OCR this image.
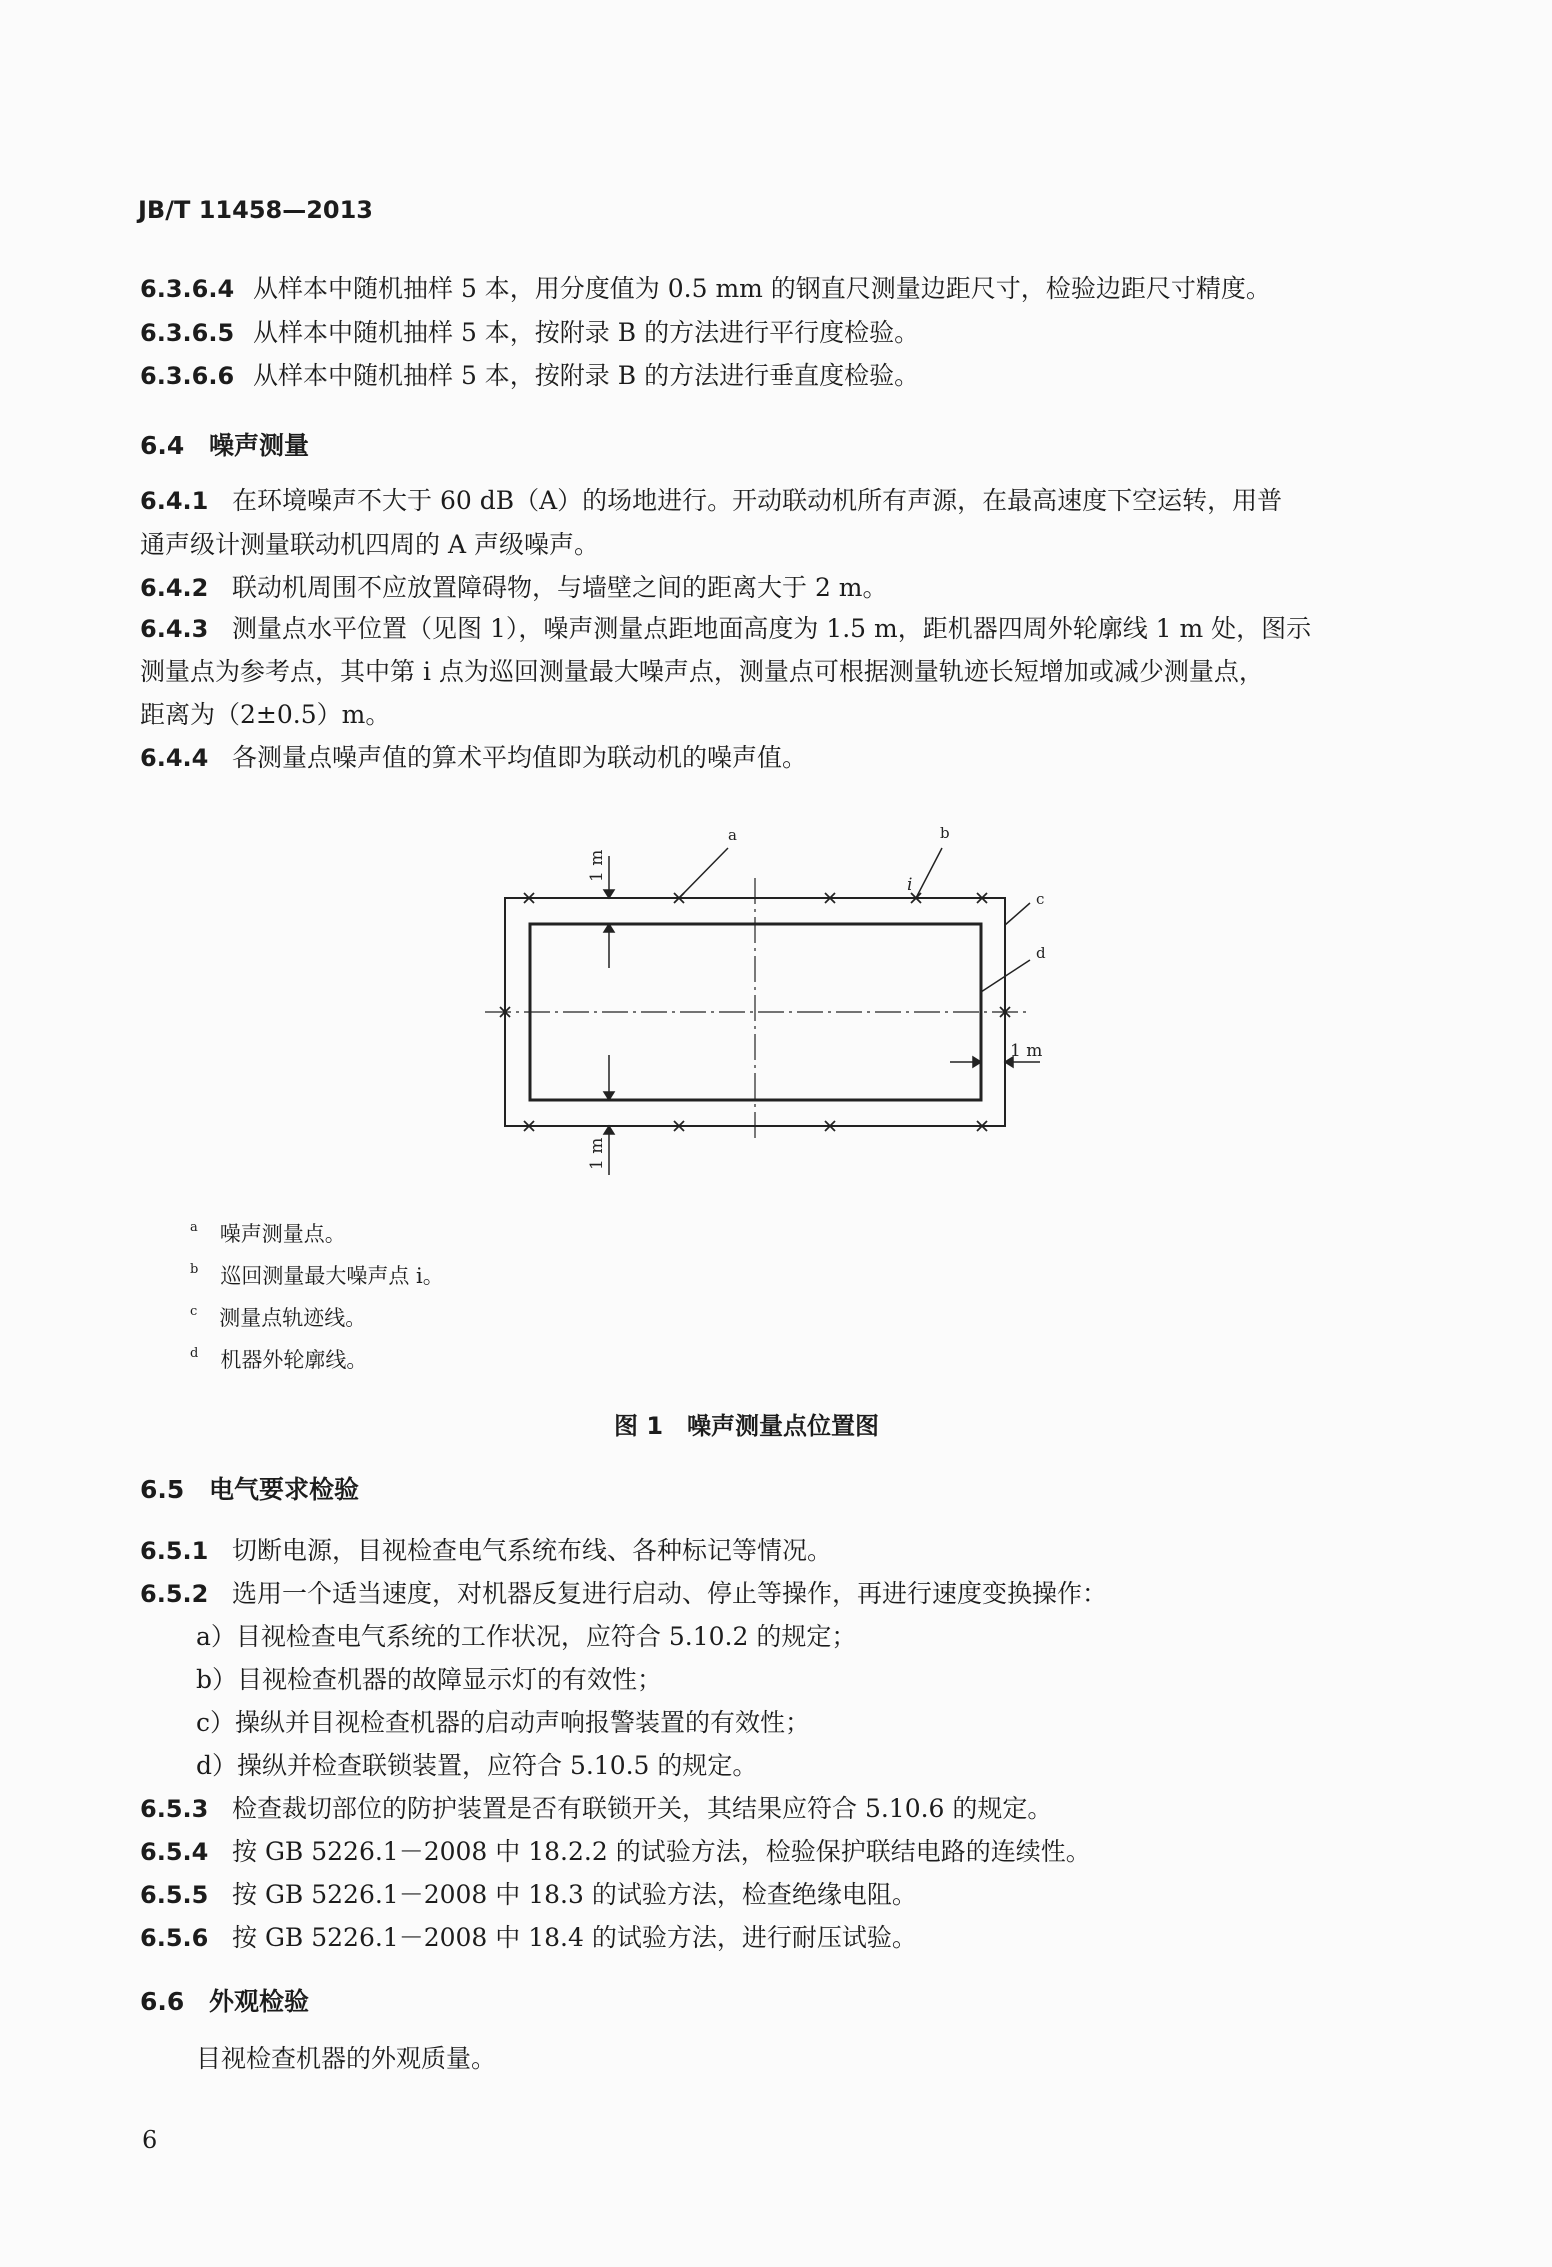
JB/T 11458—2013
6.3.6.4 从样本中随机抽样 5 本，用分度值为 0.5 mm 的钢直尺测量边距尺寸，检验边距尺寸精度。
6.3.6.5 从样本中随机抽样 5 本，按附录 B 的方法进行平行度检验。
6.3.6.6 从样本中随机抽样 5 本，按附录 B 的方法进行垂直度检验。
6.4 噪声测量
6.4.1 在环境噪声不大于 60 dB（A）的场地进行。开动联动机所有声源，在最高速度下空运转，用普
通声级计测量联动机四周的 A 声级噪声。
6.4.2 联动机周围不应放置障碍物，与墙壁之间的距离大于 2 m。
6.4.3 测量点水平位置（见图 1），噪声测量点距地面高度为 1.5 m，距机器四周外轮廓线 1 m 处，图示
测量点为参考点，其中第 i 点为巡回测量最大噪声点，测量点可根据测量轨迹长短增加或减少测量点，
距离为（2±0.5）m。
6.4.4 各测量点噪声值的算术平均值即为联动机的噪声值。
a	b
c
d
i
1 m
1 m
1 m
$^a$ 噪声测量点。
$^b$ 巡回测量最大噪声点 i。
$^c$ 测量点轨迹线。
$^d$ 机器外轮廓线。
图 1　噪声测量点位置图
6.5 电气要求检验
6.5.1 切断电源，目视检查电气系统布线、各种标记等情况。
6.5.2 选用一个适当速度，对机器反复进行启动、停止等操作，再进行速度变换操作：
a）目视检查电气系统的工作状况，应符合 5.10.2 的规定；
b）目视检查机器的故障显示灯的有效性；
c）操纵并目视检查机器的启动声响报警装置的有效性；
d）操纵并检查联锁装置，应符合 5.10.5 的规定。
6.5.3 检查裁切部位的防护装置是否有联锁开关，其结果应符合 5.10.6 的规定。
6.5.4 按 GB 5226.1－2008 中 18.2.2 的试验方法，检验保护联结电路的连续性。
6.5.5 按 GB 5226.1－2008 中 18.3 的试验方法，检查绝缘电阻。
6.5.6 按 GB 5226.1－2008 中 18.4 的试验方法，进行耐压试验。
6.6 外观检验
目视检查机器的外观质量。
6
